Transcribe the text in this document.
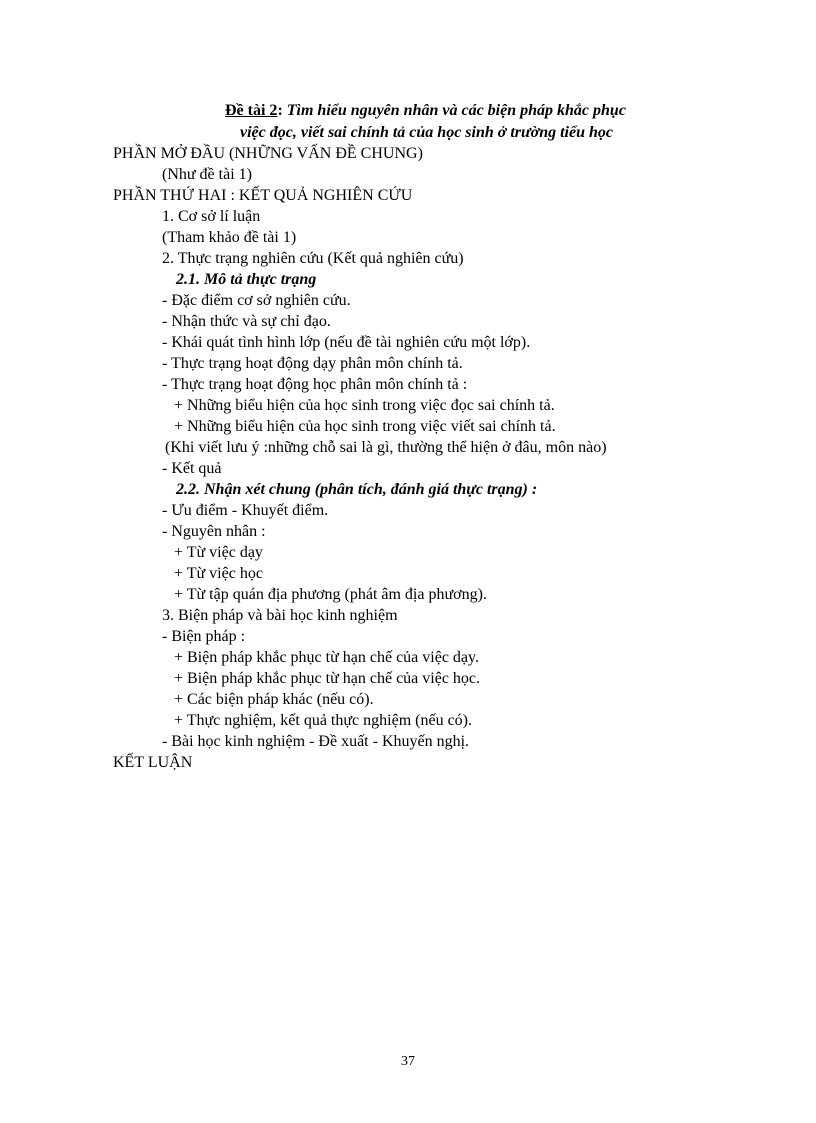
Đề tài 2: Tìm hiểu nguyên nhân và các biện pháp khắc phục
việc đọc, viết sai chính tả của học sinh ở trường tiểu học
PHẦN MỞ ĐẦU (NHỮNG VẤN ĐỀ CHUNG)
(Như đề tài 1)
PHẦN THỨ HAI : KẾT QUẢ NGHIÊN CỨU
1. Cơ sở lí luận
(Tham khảo đề tài 1)
2. Thực trạng nghiên cứu (Kết quả nghiên cứu)
2.1. Mô tả thực trạng
- Đặc điểm cơ sở nghiên cứu.
- Nhận thức và sự chỉ đạo.
- Khái quát tình hình lớp (nếu đề tài nghiên cứu một lớp).
- Thực trạng hoạt động dạy phân môn chính tả.
- Thực trạng hoạt động học phân môn chính tả :
+ Những biểu hiện của học sinh trong việc đọc sai chính tả.
+ Những biểu hiện của học sinh trong việc viết sai chính tả.
(Khi viết lưu ý :những chỗ sai là gì, thường thể hiện ở đâu, môn nào)
- Kết quả
2.2. Nhận xét chung (phân tích, đánh giá thực trạng) :
- Ưu điểm - Khuyết điểm.
- Nguyên nhân :
+ Từ việc dạy
+ Từ việc học
+ Từ tập quán địa phương (phát âm địa phương).
3. Biện pháp và bài học kinh nghiệm
- Biện pháp :
+ Biện pháp khắc phục từ hạn chế của việc dạy.
+ Biện pháp khắc phục từ hạn chế của việc học.
+ Các biện pháp khác (nếu có).
+ Thực nghiệm, kết quả thực nghiệm (nếu có).
- Bài học kinh nghiệm - Đề xuất - Khuyến nghị.
KẾT LUẬN
37
